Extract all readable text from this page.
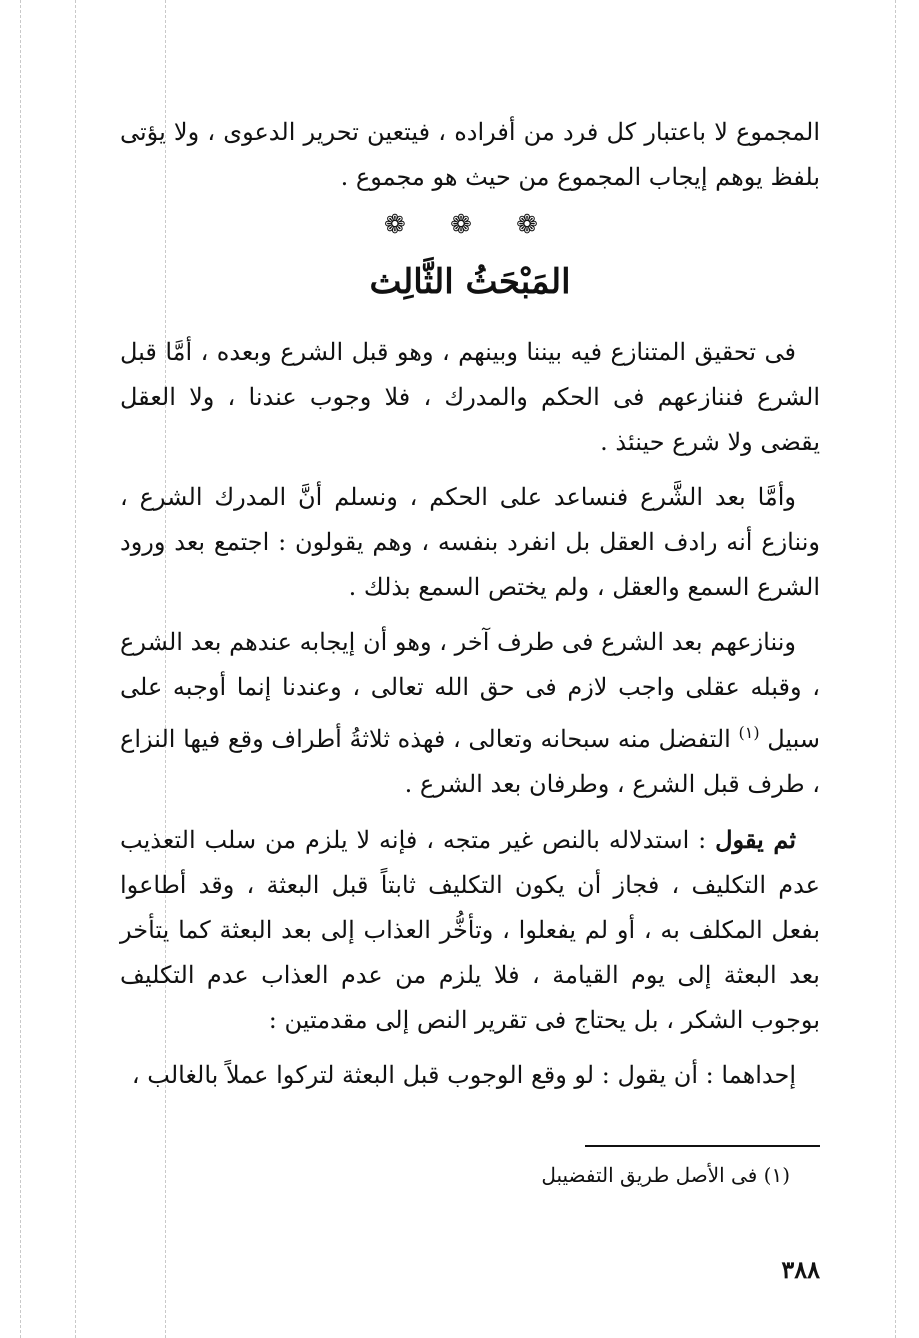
المجموع لا باعتبار كل فرد من أفراده ، فيتعين تحرير الدعوى ، ولا يؤتى بلفظ يوهم إيجاب المجموع من حيث هو مجموع .
❁ ❁ ❁
المَبْحَثُ الثَّالِث

فى تحقيق المتنازع فيه بيننا وبينهم ، وهو قبل الشرع وبعده ، أمَّا قبل الشرع فننازعهم فى الحكم والمدرك ، فلا وجوب عندنا ، ولا العقل يقضى ولا شرع حينئذ .

وأمَّا بعد الشَّرع فنساعد على الحكم ، ونسلم أنَّ المدرك الشرع ، وننازع أنه رادف العقل بل انفرد بنفسه ، وهم يقولون : اجتمع بعد ورود الشرع السمع والعقل ، ولم يختص السمع بذلك .

وننازعهم بعد الشرع فى طرف آخر ، وهو أن إيجابه عندهم بعد الشرع ، وقبله عقلى واجب لازم فى حق الله تعالى ، وعندنا إنما أوجبه على سبيل $^{(١)}$ التفضل منه سبحانه وتعالى ، فهذه ثلاثةُ أطراف وقع فيها النزاع ، طرف قبل الشرع ، وطرفان بعد الشرع .

ثم يقول : استدلاله بالنص غير متجه ، فإنه لا يلزم من سلب التعذيب عدم التكليف ، فجاز أن يكون التكليف ثابتاً قبل البعثة ، وقد أطاعوا بفعل المكلف به ، أو لم يفعلوا ، وتأخُّر العذاب إلى بعد البعثة كما يتأخر بعد البعثة إلى يوم القيامة ، فلا يلزم من عدم العذاب عدم التكليف بوجوب الشكر ، بل يحتاج فى تقرير النص إلى مقدمتين :

إحداهما : أن يقول : لو وقع الوجوب قبل البعثة لتركوا عملاً بالغالب ،

(١) فى الأصل طريق التفضيبل
٣٨٨
